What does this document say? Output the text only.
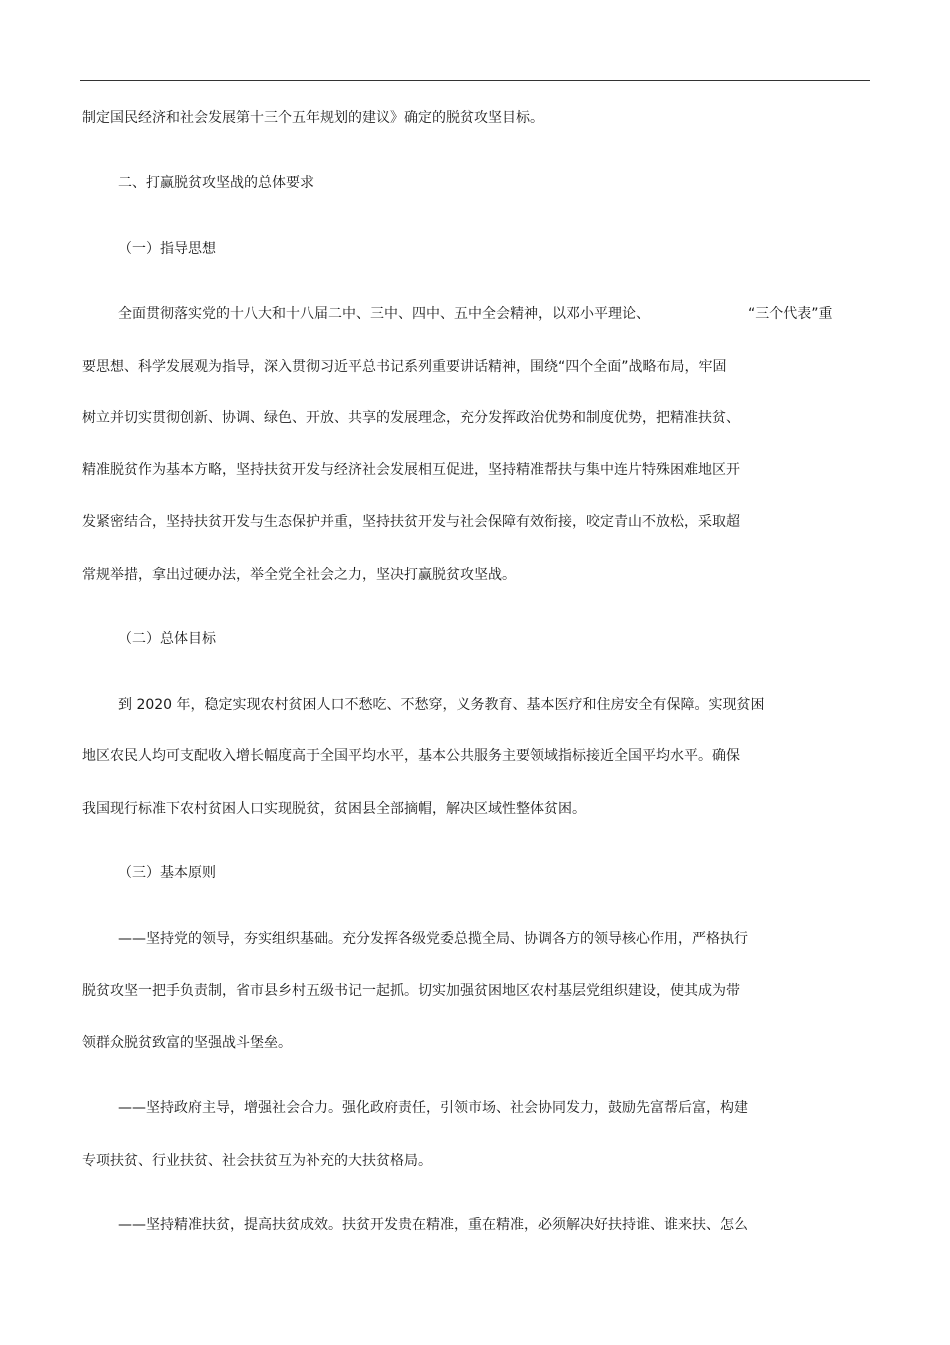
制定国民经济和社会发展第十三个五年规划的建议》确定的脱贫攻坚目标。
二、打赢脱贫攻坚战的总体要求
（一）指导思想
全面贯彻落实党的十八大和十八届二中、三中、四中、五中全会精神，以邓小平理论、	“三个代表”重
要思想、科学发展观为指导，深入贯彻习近平总书记系列重要讲话精神，围绕“四个全面”战略布局，牢固
树立并切实贯彻创新、协调、绿色、开放、共享的发展理念，充分发挥政治优势和制度优势，把精准扶贫、
精准脱贫作为基本方略，坚持扶贫开发与经济社会发展相互促进，坚持精准帮扶与集中连片特殊困难地区开
发紧密结合，坚持扶贫开发与生态保护并重，坚持扶贫开发与社会保障有效衔接，咬定青山不放松，采取超
常规举措，拿出过硬办法，举全党全社会之力，坚决打赢脱贫攻坚战。
（二）总体目标
到 2020 年，稳定实现农村贫困人口不愁吃、不愁穿，义务教育、基本医疗和住房安全有保障。实现贫困
地区农民人均可支配收入增长幅度高于全国平均水平，基本公共服务主要领域指标接近全国平均水平。确保
我国现行标准下农村贫困人口实现脱贫，贫困县全部摘帽，解决区域性整体贫困。
（三）基本原则
——坚持党的领导，夯实组织基础。充分发挥各级党委总揽全局、协调各方的领导核心作用，严格执行
脱贫攻坚一把手负责制，省市县乡村五级书记一起抓。切实加强贫困地区农村基层党组织建设，使其成为带
领群众脱贫致富的坚强战斗堡垒。
——坚持政府主导，增强社会合力。强化政府责任，引领市场、社会协同发力，鼓励先富帮后富，构建
专项扶贫、行业扶贫、社会扶贫互为补充的大扶贫格局。
——坚持精准扶贫，提高扶贫成效。扶贫开发贵在精准，重在精准，必须解决好扶持谁、谁来扶、怎么
